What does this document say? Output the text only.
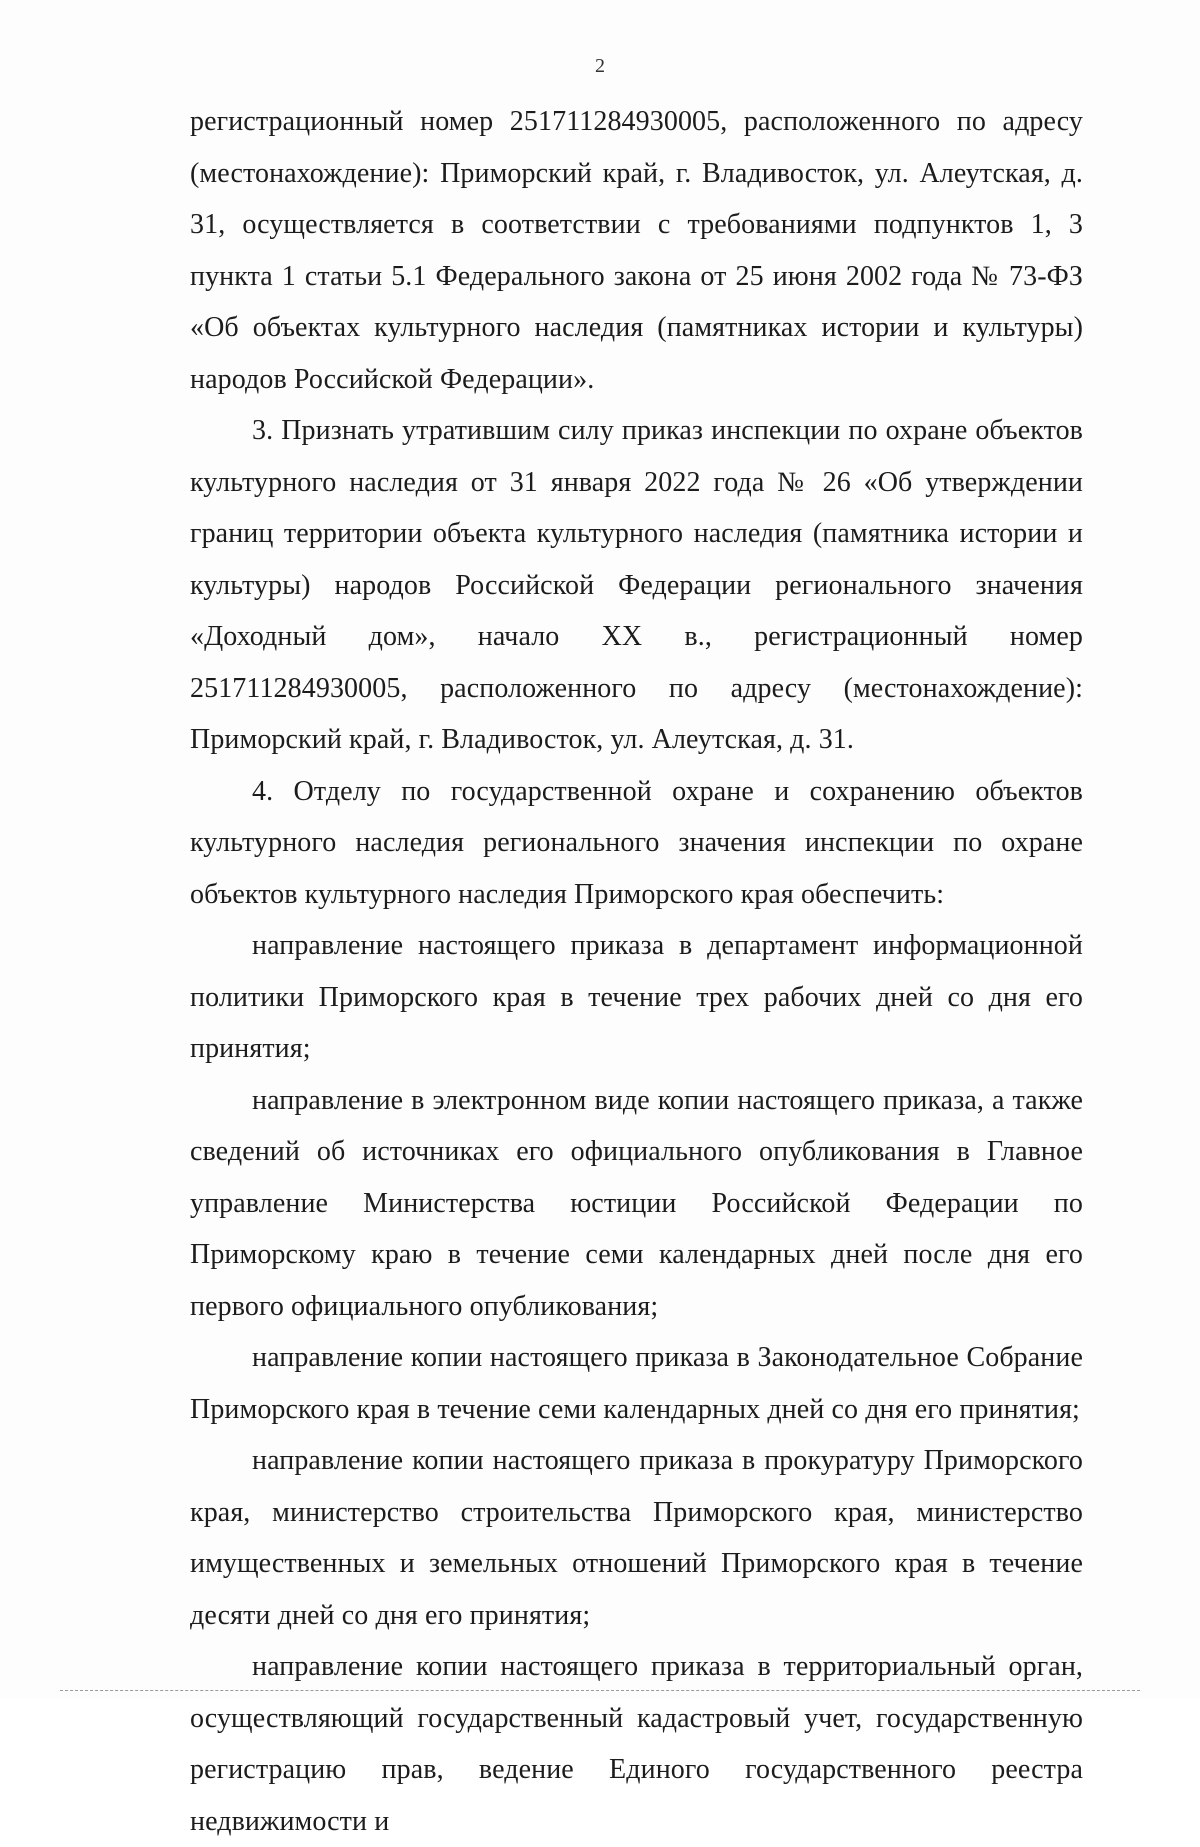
2

регистрационный номер 251711284930005, расположенного по адресу (местонахождение): Приморский край, г. Владивосток, ул. Алеутская, д. 31, осуществляется в соответствии с требованиями подпунктов 1, 3 пункта 1 статьи 5.1 Федерального закона от 25 июня 2002 года № 73-ФЗ «Об объектах культурного наследия (памятниках истории и культуры) народов Российской Федерации».

3. Признать утратившим силу приказ инспекции по охране объектов культурного наследия от 31 января 2022 года № 26 «Об утверждении границ территории объекта культурного наследия (памятника истории и культуры) народов Российской Федерации регионального значения «Доходный дом», начало XX в., регистрационный номер 251711284930005, расположенного по адресу (местонахождение): Приморский край, г. Владивосток, ул. Алеутская, д. 31.

4. Отделу по государственной охране и сохранению объектов культурного наследия регионального значения инспекции по охране объектов культурного наследия Приморского края обеспечить:

направление настоящего приказа в департамент информационной политики Приморского края в течение трех рабочих дней со дня его принятия;

направление в электронном виде копии настоящего приказа, а также сведений об источниках его официального опубликования в Главное управление Министерства юстиции Российской Федерации по Приморскому краю в течение семи календарных дней после дня его первого официального опубликования;

направление копии настоящего приказа в Законодательное Собрание Приморского края в течение семи календарных дней со дня его принятия;

направление копии настоящего приказа в прокуратуру Приморского края, министерство строительства Приморского края, министерство имущественных и земельных отношений Приморского края в течение десяти дней со дня его принятия;

направление копии настоящего приказа в территориальный орган, осуществляющий государственный кадастровый учет, государственную регистрацию прав, ведение Единого государственного реестра недвижимости и
